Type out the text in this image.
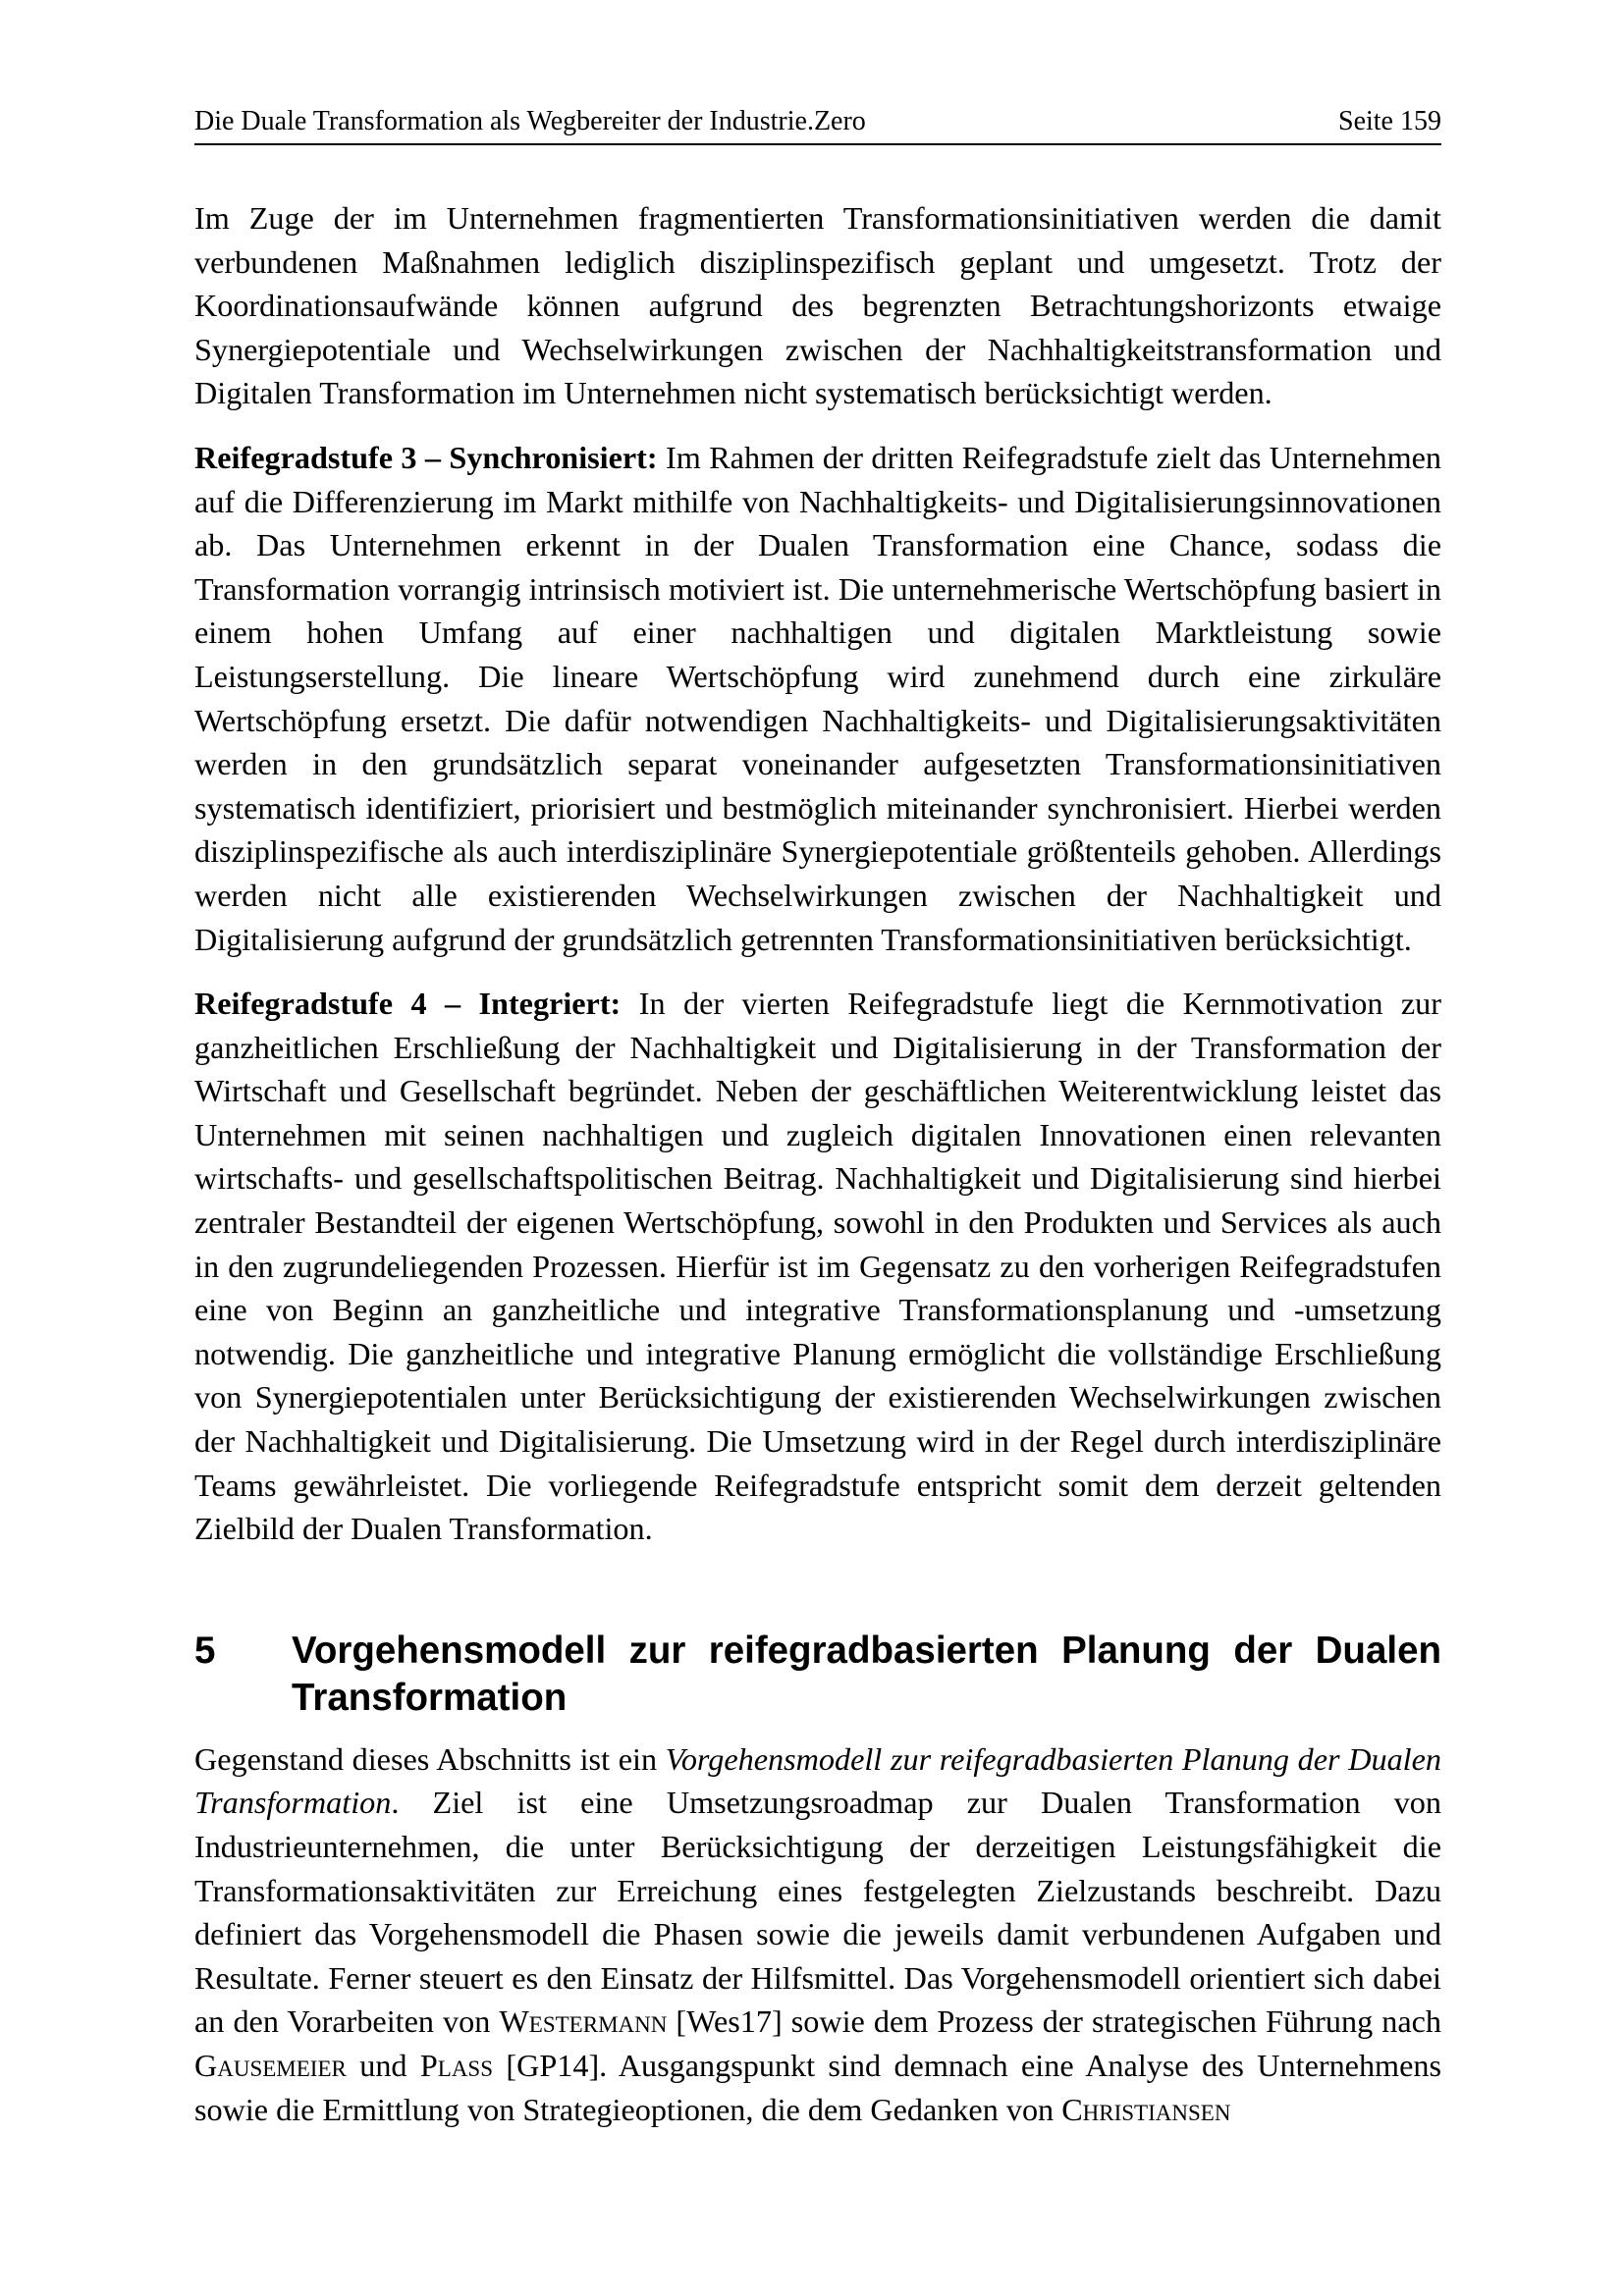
Die Duale Transformation als Wegbereiter der Industrie.Zero	Seite 159

Im Zuge der im Unternehmen fragmentierten Transformationsinitiativen werden die damit verbundenen Maßnahmen lediglich disziplinspezifisch geplant und umgesetzt. Trotz der Koordinationsaufwände können aufgrund des begrenzten Betrachtungshorizonts etwaige Synergiepotentiale und Wechselwirkungen zwischen der Nachhaltigkeitstransformation und Digitalen Transformation im Unternehmen nicht systematisch berücksichtigt werden.

Reifegradstufe 3 – Synchronisiert: Im Rahmen der dritten Reifegradstufe zielt das Unternehmen auf die Differenzierung im Markt mithilfe von Nachhaltigkeits- und Digitalisierungsinnovationen ab. Das Unternehmen erkennt in der Dualen Transformation eine Chance, sodass die Transformation vorrangig intrinsisch motiviert ist. Die unternehmerische Wertschöpfung basiert in einem hohen Umfang auf einer nachhaltigen und digitalen Marktleistung sowie Leistungserstellung. Die lineare Wertschöpfung wird zunehmend durch eine zirkuläre Wertschöpfung ersetzt. Die dafür notwendigen Nachhaltigkeits- und Digitalisierungsaktivitäten werden in den grundsätzlich separat voneinander aufgesetzten Transformationsinitiativen systematisch identifiziert, priorisiert und bestmöglich miteinander synchronisiert. Hierbei werden disziplinspezifische als auch interdisziplinäre Synergiepotentiale größtenteils gehoben. Allerdings werden nicht alle existierenden Wechselwirkungen zwischen der Nachhaltigkeit und Digitalisierung aufgrund der grundsätzlich getrennten Transformationsinitiativen berücksichtigt.

Reifegradstufe 4 – Integriert: In der vierten Reifegradstufe liegt die Kernmotivation zur ganzheitlichen Erschließung der Nachhaltigkeit und Digitalisierung in der Transformation der Wirtschaft und Gesellschaft begründet. Neben der geschäftlichen Weiterentwicklung leistet das Unternehmen mit seinen nachhaltigen und zugleich digitalen Innovationen einen relevanten wirtschafts- und gesellschaftspolitischen Beitrag. Nachhaltigkeit und Digitalisierung sind hierbei zentraler Bestandteil der eigenen Wertschöpfung, sowohl in den Produkten und Services als auch in den zugrundeliegenden Prozessen. Hierfür ist im Gegensatz zu den vorherigen Reifegradstufen eine von Beginn an ganzheitliche und integrative Transformationsplanung und -umsetzung notwendig. Die ganzheitliche und integrative Planung ermöglicht die vollständige Erschließung von Synergiepotentialen unter Berücksichtigung der existierenden Wechselwirkungen zwischen der Nachhaltigkeit und Digitalisierung. Die Umsetzung wird in der Regel durch interdisziplinäre Teams gewährleistet. Die vorliegende Reifegradstufe entspricht somit dem derzeit geltenden Zielbild der Dualen Transformation.

5	Vorgehensmodell zur reifegradbasierten Planung der Dualen Transformation

Gegenstand dieses Abschnitts ist ein Vorgehensmodell zur reifegradbasierten Planung der Dualen Transformation. Ziel ist eine Umsetzungsroadmap zur Dualen Transformation von Industrieunternehmen, die unter Berücksichtigung der derzeitigen Leistungsfähigkeit die Transformationsaktivitäten zur Erreichung eines festgelegten Zielzustands beschreibt. Dazu definiert das Vorgehensmodell die Phasen sowie die jeweils damit verbundenen Aufgaben und Resultate. Ferner steuert es den Einsatz der Hilfsmittel. Das Vorgehensmodell orientiert sich dabei an den Vorarbeiten von Westermann [Wes17] sowie dem Prozess der strategischen Führung nach Gausemeier und Plass [GP14]. Ausgangspunkt sind demnach eine Analyse des Unternehmens sowie die Ermittlung von Strategieoptionen, die dem Gedanken von Christiansen
